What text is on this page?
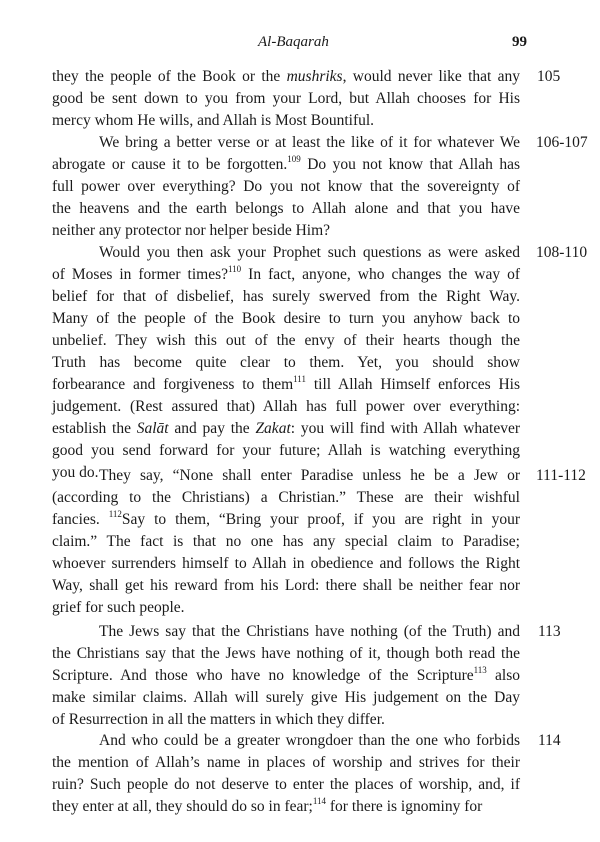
Al-Baqarah	99
they the people of the Book or the mushriks, would never like that any
good be sent down to you from your Lord, but Allah chooses for His
mercy whom He wills, and Allah is Most Bountiful.
105
We bring a better verse or at least the like of it for whatever We
abrogate or cause it to be forgotten.$^{109}$ Do you not know that Allah has
full power over everything? Do you not know that the sovereignty of
the heavens and the earth belongs to Allah alone and that you have
neither any protector nor helper beside Him?
106-107
Would you then ask your Prophet such questions as were asked
of Moses in former times?$^{110}$ In fact, anyone, who changes the way of
belief for that of disbelief, has surely swerved from the Right Way.
Many of the people of the Book desire to turn you anyhow back to
unbelief. They wish this out of the envy of their hearts though the
Truth has become quite clear to them. Yet, you should show
forbearance and forgiveness to them$^{111}$ till Allah Himself enforces His
judgement. (Rest assured that) Allah has full power over everything:
establish the Salāt and pay the Zakat: you will find with Allah whatever
good you send forward for your future; Allah is watching everything
you do.
108-110
They say, “None shall enter Paradise unless he be a Jew or
(according to the Christians) a Christian.” These are their wishful
fancies. $^{112}$Say to them, “Bring your proof, if you are right in your
claim.” The fact is that no one has any special claim to Paradise;
whoever surrenders himself to Allah in obedience and follows the Right
Way, shall get his reward from his Lord: there shall be neither fear nor
grief for such people.
111-112
The Jews say that the Christians have nothing (of the Truth) and
the Christians say that the Jews have nothing of it, though both read the
Scripture. And those who have no knowledge of the Scripture$^{113}$ also
make similar claims. Allah will surely give His judgement on the Day
of Resurrection in all the matters in which they differ.
113
And who could be a greater wrongdoer than the one who forbids
the mention of Allah’s name in places of worship and strives for their
ruin? Such people do not deserve to enter the places of worship, and, if
they enter at all, they should do so in fear;$^{114}$ for there is ignominy for
114
